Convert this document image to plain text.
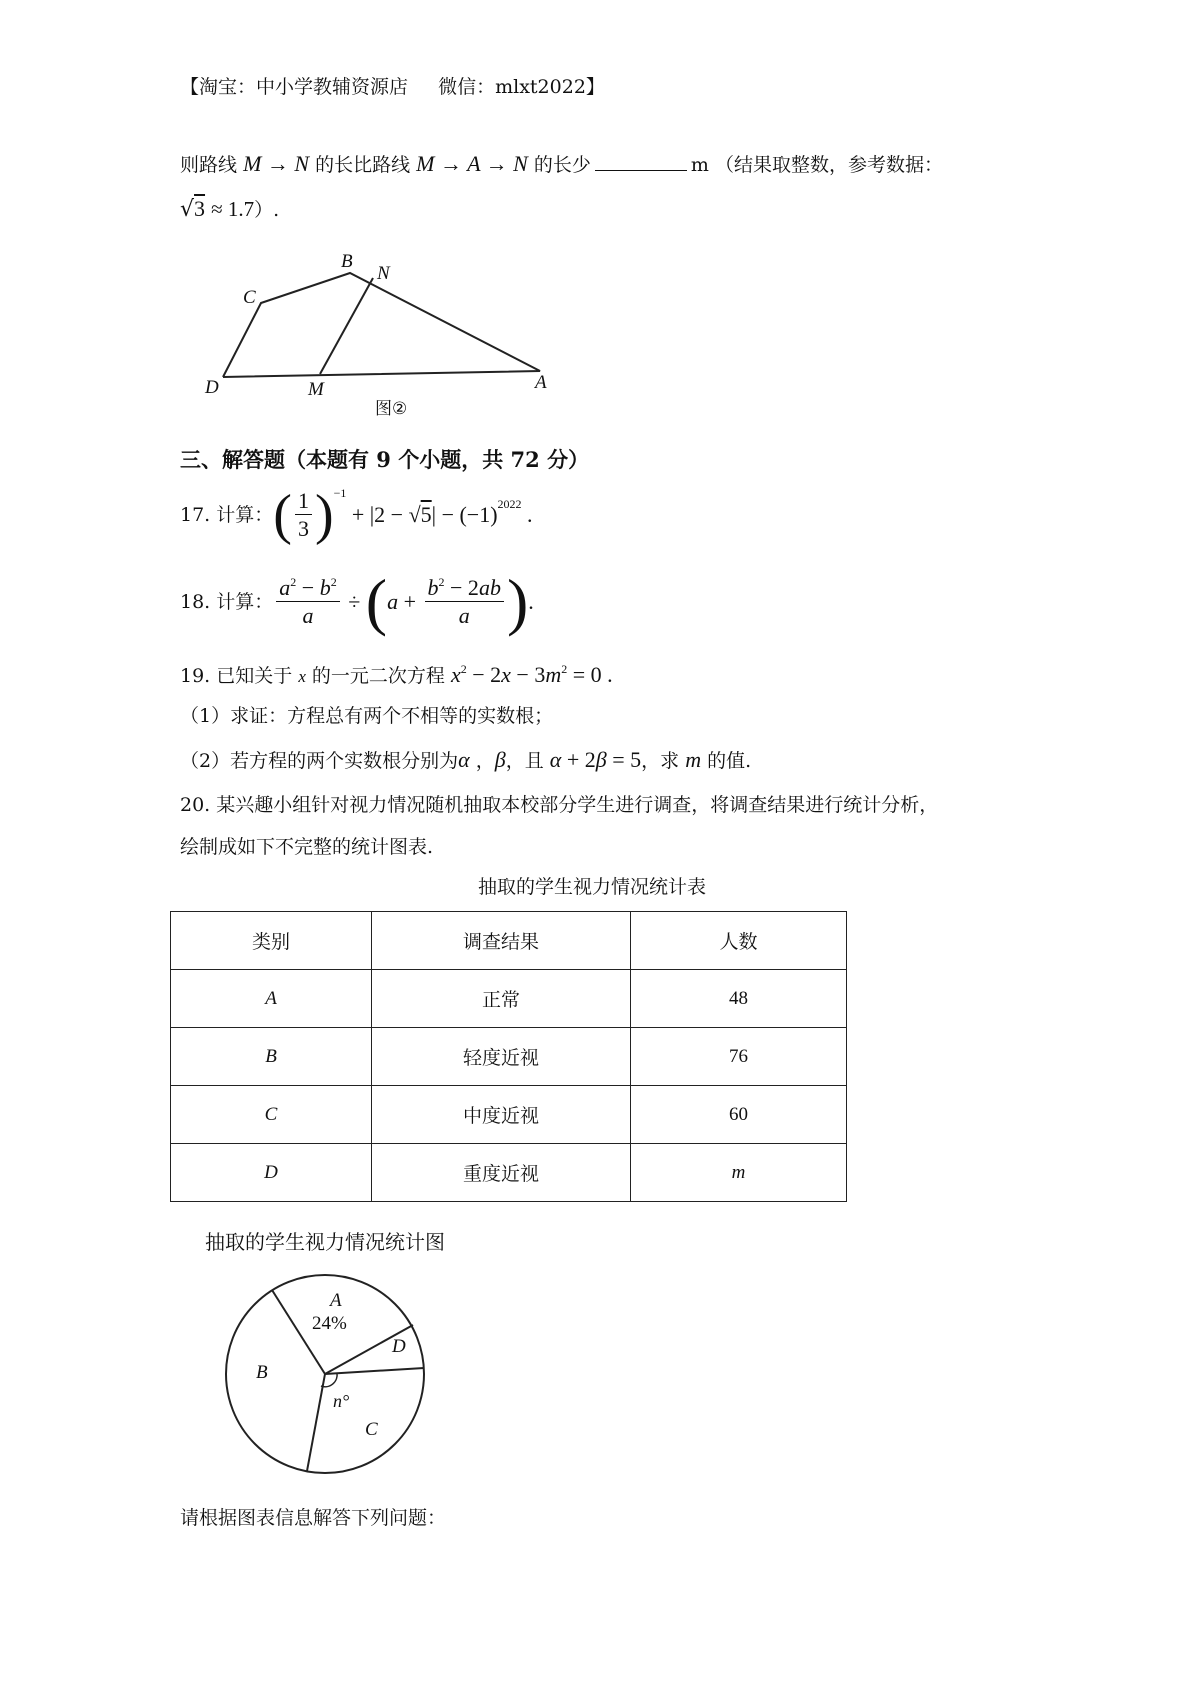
【淘宝：中小学教辅资源店 微信：mlxt2022】
则路线 M → N 的长比路线 M → A → N 的长少	m （结果取整数，参考数据：
√3 ≈ 1.7）.
B
N
C
D	M	A
图②
三、解答题（本题有 9 个小题，共 72 分）
17.
计算： ( $\frac{1}{3}$ ) −1
+ |2 − √ 5 | − (−1) 2022 .
18.
计算： $\frac{a^2 - b^2}{a}$ ÷ ( $a + \frac{b^2 - 2ab}{a}$ ) .
19. 已知关于 x 的一元二次方程 $x^2 - 2x - 3m^2 = 0$ .
（1）求证：方程总有两个不相等的实数根；
（2）若方程的两个实数根分别为α ，β，且 α + 2β = 5，求 m 的值.
20. 某兴趣小组针对视力情况随机抽取本校部分学生进行调查，将调查结果进行统计分析，
绘制成如下不完整的统计图表.
抽取的学生视力情况统计表
类别	调查结果	人数
A	正常	48
B	轻度近视	76
C	中度近视	60
D	重度近视	m
抽取的学生视力情况统计图
A
24%
B
D
n°
C
请根据图表信息解答下列问题：
